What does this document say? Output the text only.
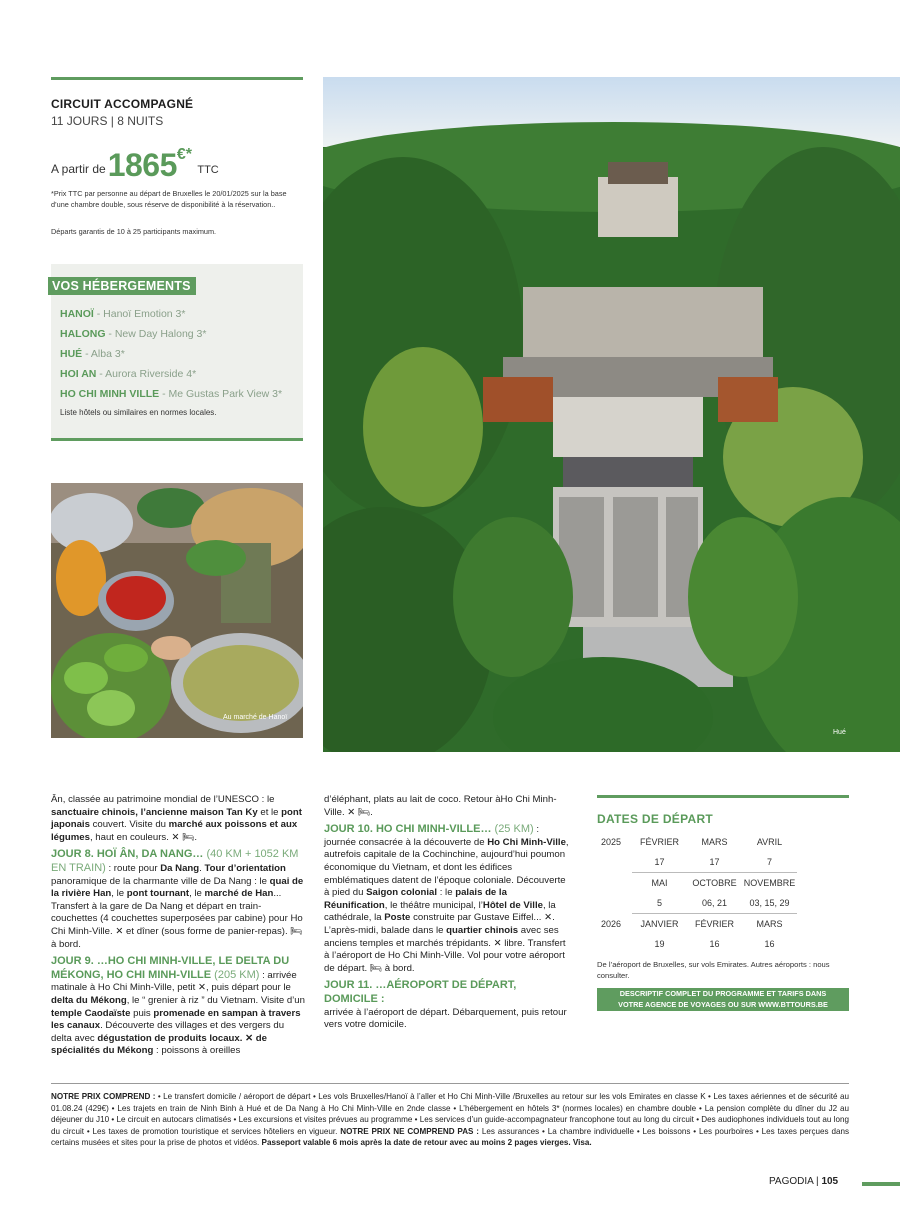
CIRCUIT ACCOMPAGNÉ
11 JOURS | 8 NUITS
A partir de1865€* TTC
*Prix TTC par personne au départ de Bruxelles le 20/01/2025 sur la base d’une chambre double, sous réserve de disponibilité à la réservation..
Départs garantis de 10 à 25 participants maximum.
VOS HÉBERGEMENTS
HANOÏ - Hanoï Emotion 3*
HALONG - New Day Halong 3*
HUÉ - Alba 3*
HOI AN - Aurora Riverside 4*
HO CHI MINH VILLE - Me Gustas Park View 3*
Liste hôtels ou similaires en normes locales.
Au marché de Hanoï
Hué

Ân, classée au patrimoine mondial de l’UNESCO : le sanctuaire chinois, l’ancienne maison Tan Ky et le pont japonais couvert. Visite du marché aux poissons et aux légumes, haut en couleurs. ✕ 🛏.

JOUR 8. HOÏ ÂN, DA NANG… (40 KM + 1052 KM EN TRAIN) : route pour Da Nang. Tour d’orientation panoramique de la charmante ville de Da Nang : le quai de la rivière Han, le pont tournant, le marché de Han... Transfert à la gare de Da Nang et départ en train-couchettes (4 couchettes superposées par cabine) pour Ho Chi Minh-Ville. ✕ et dîner (sous forme de panier-repas). 🛏 à bord.

JOUR 9. …HO CHI MINH-VILLE, LE DELTA DU MÉKONG, HO CHI MINH-VILLE (205 KM) : arrivée matinale à Ho Chi Minh-Ville, petit ✕, puis départ pour le delta du Mékong, le “ grenier à riz ” du Vietnam. Visite d’un temple Caodaïste puis promenade en sampan à travers les canaux. Découverte des villages et des vergers du delta avec dégustation de produits locaux. ✕ de spécialités du Mékong : poissons à oreilles

d’éléphant, plats au lait de coco. Retour àHo Chi Minh-Ville. ✕ 🛏.

JOUR 10. HO CHI MINH-VILLE… (25 KM) : journée consacrée à la découverte de Ho Chi Minh-Ville, autrefois capitale de la Cochinchine, aujourd’hui poumon économique du Vietnam, et dont les édifices emblématiques datent de l’époque coloniale. Découverte à pied du Saigon colonial : le palais de la Réunification, le théâtre municipal, l’Hôtel de Ville, la cathédrale, la Poste construite par Gustave Eiffel... ✕. L’après-midi, balade dans le quartier chinois avec ses anciens temples et marchés trépidants. ✕ libre. Transfert à l’aéroport de Ho Chi Minh-Ville. Vol pour votre aéroport de départ. 🛏 à bord.

JOUR 11. …AÉROPORT DE DÉPART, DOMICILE :
arrivée à l’aéroport de départ. Débarquement, puis retour vers votre domicile.

DATES DE DÉPART
2025	FÉVRIER	MARS	AVRIL
	17	17	7
	MAI	OCTOBRE	NOVEMBRE
	5	06, 21	03, 15, 29
2026	JANVIER	FÉVRIER	MARS
	19	16	16
De l’aéroport de Bruxelles, sur vols Emirates. Autres aéroports : nous consulter.
DESCRIPTIF COMPLET DU PROGRAMME ET TARIFS DANS
VOTRE AGENCE DE VOYAGES OU SUR WWW.BTTOURS.BE
NOTRE PRIX COMPREND : • Le transfert domicile / aéroport de départ • Les vols Bruxelles/Hanoï à l’aller et Ho Chi Minh-Ville /Bruxelles au retour sur les vols Emirates en classe K • Les taxes aériennes et de sécurité au 01.08.24 (429€) • Les trajets en train de Ninh Binh à Hué et de Da Nang à Ho Chi Minh-Ville en 2nde classe • L’hébergement en hôtels 3* (normes locales) en chambre double • La pension complète du dîner du J2 au déjeuner du J10 • Le circuit en autocars climatisés • Les excursions et visites prévues au programme • Les services d’un guide-accompagnateur francophone tout au long du circuit • Des audiophones individuels tout au long du circuit • Les taxes de promotion touristique et services hôteliers en vigueur. NOTRE PRIX NE COMPREND PAS : Les assurances • La chambre individuelle • Les boissons • Les pourboires • Les taxes perçues dans certains musées et sites pour la prise de photos et vidéos. Passeport valable 6 mois après la date de retour avec au moins 2 pages vierges. Visa.
PAGODIA | 105
